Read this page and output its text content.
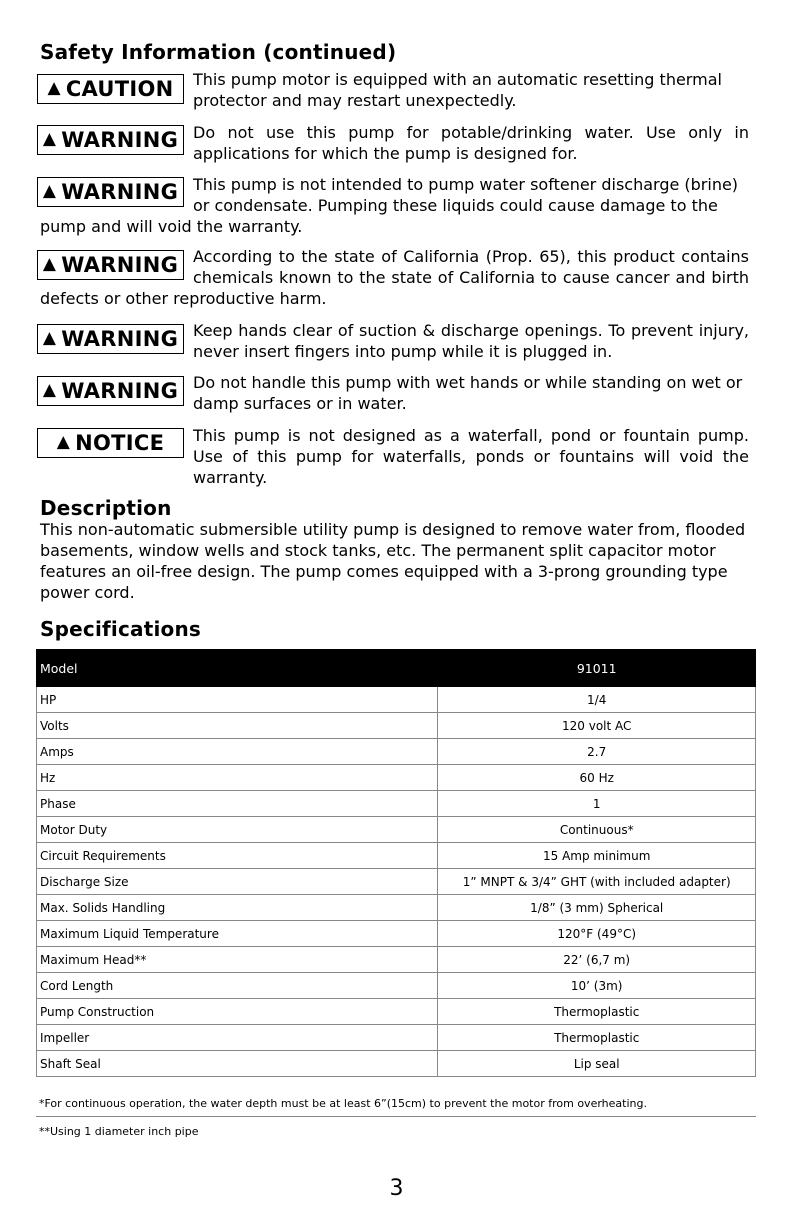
Safety Information (continued)
▲ CAUTION This pump motor is equipped with an automatic resetting thermal
protector and may restart unexpectedly.
▲ WARNING Do not use this pump for potable/drinking water. Use only in
applications for which the pump is designed for.
▲ WARNING This pump is not intended to pump water softener discharge (brine)
or condensate. Pumping these liquids could cause damage to the
pump and will void the warranty.
▲ WARNING According to the state of California (Prop. 65), this product contains
chemicals known to the state of California to cause cancer and birth
defects or other reproductive harm.
▲ WARNING Keep hands clear of suction & discharge openings. To prevent injury,
never insert fingers into pump while it is plugged in.
▲ WARNING Do not handle this pump with wet hands or while standing on wet or
damp surfaces or in water.
▲ NOTICE This pump is not designed as a waterfall, pond or fountain pump.
Use of this pump for waterfalls, ponds or fountains will void the
warranty.
Description
This non-automatic submersible utility pump is designed to remove water from, flooded
basements, window wells and stock tanks, etc. The permanent split capacitor motor
features an oil-free design. The pump comes equipped with a 3-prong grounding type
power cord.
Specifications
Model	91011
HP	1/4
Volts	120 volt AC
Amps	2.7
Hz	60 Hz
Phase	1
Motor Duty	Continuous*
Circuit Requirements	15 Amp minimum
Discharge Size	1” MNPT & 3/4” GHT (with included adapter)
Max. Solids Handling	1/8” (3 mm) Spherical
Maximum Liquid Temperature	120°F (49°C)
Maximum Head**	22’ (6,7 m)
Cord Length	10’ (3m)
Pump Construction	Thermoplastic
Impeller	Thermoplastic
Shaft Seal	Lip seal
*For continuous operation, the water depth must be at least 6”(15cm) to prevent the motor from overheating.
**Using 1 diameter inch pipe
3
